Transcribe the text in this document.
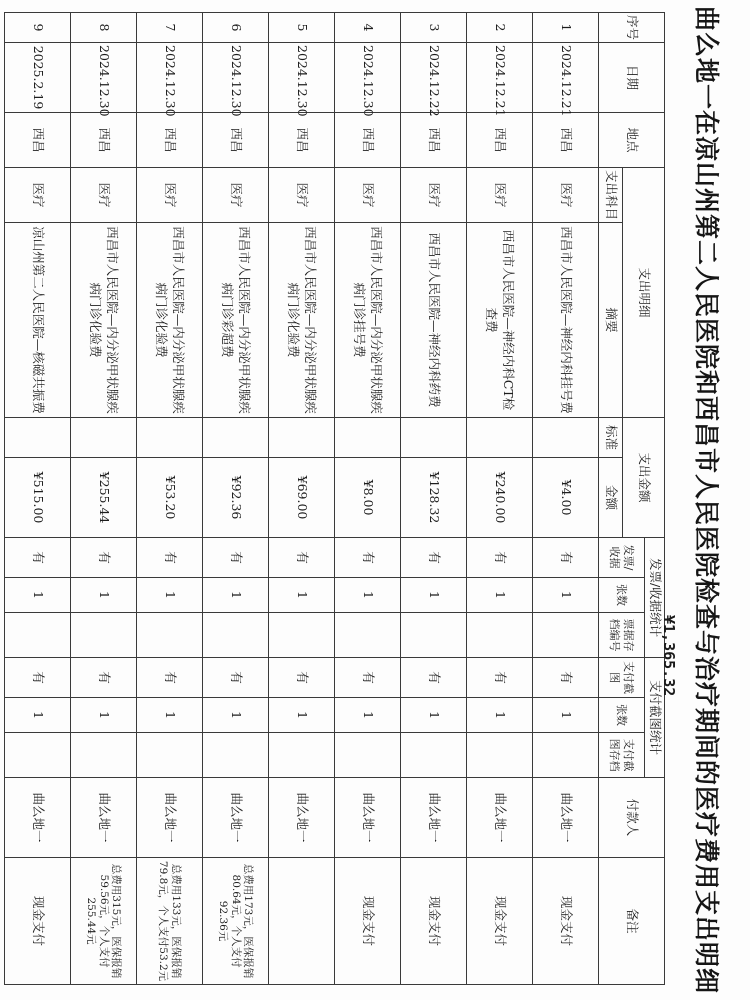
曲么地一在凉山州第二人民医院和西昌市人民医院检查与治疗期间的医疗费用支出明细
序号	日期	地点	支出明细		支出金额		发票/收据统计			支付截图统计			付款人	备注
							发票/收据	张数	票据存档编号	支付截图	张数	支付截图存档		
			支出科目	摘要	标准	金额								
1	2024.12.21	西昌	医疗	西昌市人民医院—神经内科挂号费		¥4.00	有	1		有	1		曲么地一	现金支付
2	2024.12.21	西昌	医疗	西昌市人民医院—神经内科CT检查费		¥240.00	有	1		有	1		曲么地一	现金支付
3	2024.12.22	西昌	医疗	西昌市人民医院—神经内科药费		¥128.32	有	1		有	1		曲么地一	现金支付
4	2024.12.30	西昌	医疗	西昌市人民医院—内分泌甲状腺疾病门诊挂号费		¥8.00	有	1		有	1		曲么地一	现金支付
5	2024.12.30	西昌	医疗	西昌市人民医院—内分泌甲状腺疾病门诊化验费		¥69.00	有	1		有	1		曲么地一	
6	2024.12.30	西昌	医疗	西昌市人民医院—内分泌甲状腺疾病门诊彩超费		¥92.36	有	1		有	1		曲么地一	总费用173元，医保报销80.64元，个人支付92.36元
7	2024.12.30	西昌	医疗	西昌市人民医院—内分泌甲状腺疾病门诊化验费		¥53.20	有	1		有	1		曲么地一	总费用133元，医保报销79.8元，个人支付53.2元
8	2024.12.30	西昌	医疗	西昌市人民医院—内分泌甲状腺疾病门诊化验费		¥255.44	有	1		有	1		曲么地一	总费用315元，医保报销59.56元，个人支付255.44元
9	2025.2.19	西昌	医疗	凉山州第二人民医院—核磁共振费		¥515.00	有	1		有	1		曲么地一	现金支付
¥1,365.32
